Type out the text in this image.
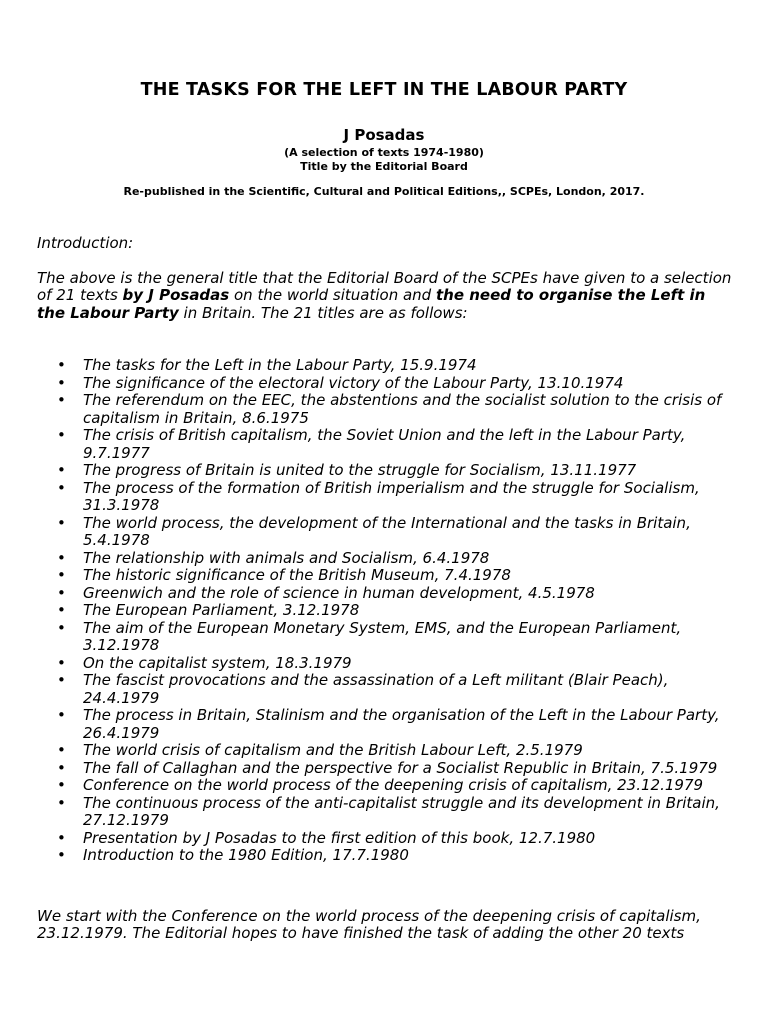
THE TASKS FOR THE LEFT IN THE LABOUR PARTY
J Posadas
(A selection of texts 1974-1980)
Title by the Editorial Board
Re-published in the Scientific, Cultural and Political Editions,, SCPEs, London, 2017.
Introduction:
The above is the general title that the Editorial Board of the SCPEs have given to a selection of 21 texts by J Posadas on the world situation and the need to organise the Left in the Labour Party in Britain. The 21 titles are as follows:
• The tasks for the Left in the Labour Party, 15.9.1974
• The significance of the electoral victory of the Labour Party, 13.10.1974
• The referendum on the EEC, the abstentions and the socialist solution to the crisis of capitalism in Britain, 8.6.1975
• The crisis of British capitalism, the Soviet Union and the left in the Labour Party, 9.7.1977
• The progress of Britain is united to the struggle for Socialism, 13.11.1977
• The process of the formation of British imperialism and the struggle for Socialism, 31.3.1978
• The world process, the development of the International and the tasks in Britain, 5.4.1978
• The relationship with animals and Socialism, 6.4.1978
• The historic significance of the British Museum, 7.4.1978
• Greenwich and the role of science in human development, 4.5.1978
• The European Parliament, 3.12.1978
• The aim of the European Monetary System, EMS, and the European Parliament, 3.12.1978
• On the capitalist system, 18.3.1979
• The fascist provocations and the assassination of a Left militant (Blair Peach), 24.4.1979
• The process in Britain, Stalinism and the organisation of the Left in the Labour Party, 26.4.1979
• The world crisis of capitalism and the British Labour Left, 2.5.1979
• The fall of Callaghan and the perspective for a Socialist Republic in Britain, 7.5.1979
• Conference on the world process of the deepening crisis of capitalism, 23.12.1979
• The continuous process of the anti-capitalist struggle and its development in Britain, 27.12.1979
• Presentation by J Posadas to the first edition of this book, 12.7.1980
• Introduction to the 1980 Edition, 17.7.1980
We start with the Conference on the world process of the deepening crisis of capitalism, 23.12.1979. The Editorial hopes to have finished the task of adding the other 20 texts
